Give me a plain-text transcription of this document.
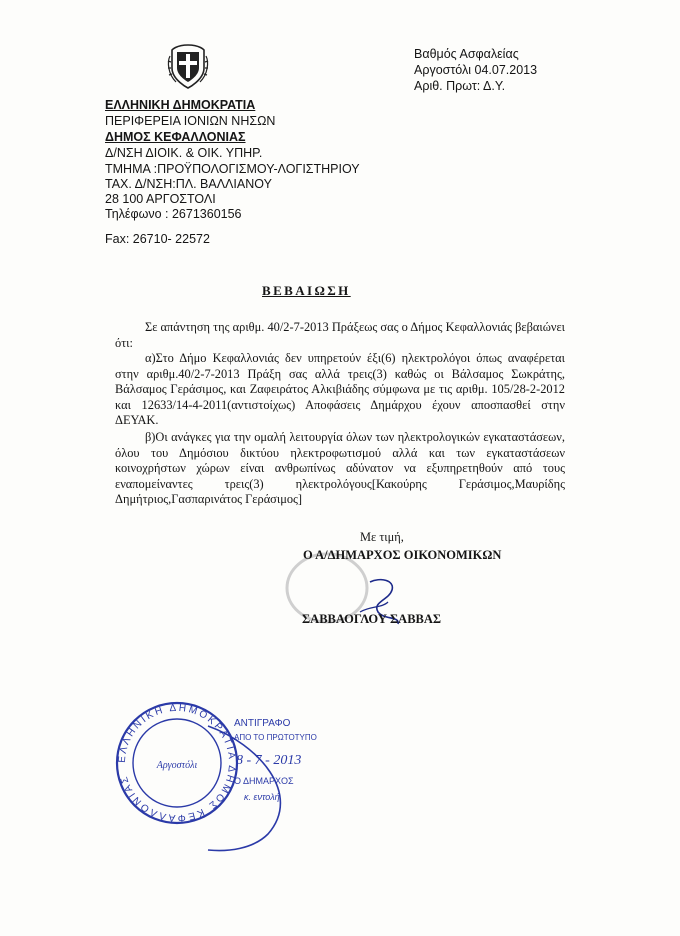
Βαθμός Ασφαλείας
Αργοστόλι 04.07.2013
Αριθ. Πρωτ: Δ.Υ.
ΕΛΛΗΝΙΚΗ ΔΗΜΟΚΡΑΤΙΑ
ΠΕΡΙΦΕΡΕΙΑ ΙΟΝΙΩΝ ΝΗΣΩΝ
ΔΗΜΟΣ ΚΕΦΑΛΛΟΝΙΑΣ
Δ/ΝΣΗ ΔΙΟΙΚ. & ΟΙΚ. ΥΠΗΡ.
ΤΜΗΜΑ :ΠΡΟΫΠΟΛΟΓΙΣΜΟΥ-ΛΟΓΙΣΤΗΡΙΟΥ
ΤΑΧ. Δ/ΝΣΗ:ΠΛ. ΒΑΛΛΙΑΝΟΥ
28 100 ΑΡΓΟΣΤΟΛΙ
Τηλέφωνο : 2671360156
Fax: 26710- 22572
ΒΕΒΑΙΩΣΗ

Σε απάντηση της αριθμ. 40/2-7-2013 Πράξεως σας ο Δήμος Κεφαλλονιάς βεβαιώνει ότι:

α)Στο Δήμο Κεφαλλονιάς δεν υπηρετούν έξι(6) ηλεκτρολόγοι όπως αναφέρεται στην αριθμ.40/2-7-2013 Πράξη σας αλλά τρεις(3) καθώς οι Βάλσαμος Σωκράτης, Βάλσαμος Γεράσιμος, και Ζαφειράτος Αλκιβιάδης σύμφωνα με τις αριθμ. 105/28-2-2012 και 12633/14-4-2011(αντιστοίχως) Αποφάσεις Δημάρχου έχουν αποσπασθεί στην ΔΕΥΑΚ.

β)Οι ανάγκες για την ομαλή λειτουργία όλων των ηλεκτρολογικών εγκαταστάσεων, όλου του Δημόσιου δικτύου ηλεκτροφωτισμού αλλά και των εγκαταστάσεων κοινοχρήστων χώρων είναι ανθρωπίνως αδύνατον να εξυπηρετηθούν από τους εναπομείναντες τρεις(3) ηλεκτρολόγους[Κακούρης Γεράσιμος,Μαυρίδης Δημήτριος,Γασπαρινάτος Γεράσιμος]

Με τιμή,
Ο Α/ΔΗΜΑΡΧΟΣ ΟΙΚΟΝΟΜΙΚΩΝ
ΣΑΒΒΑΟΓΛΟΥ ΣΑΒΒΑΣ
ΕΛΛΗΝΙΚΗ ΔΗΜΟΚΡΑΤΙΑ ΔΗΜΟΣ ΚΕΦΑΛΛΟΝΙΑΣ
Αργοστόλι
ΑΝΤΙΓΡΑΦΟ
ΑΠΟ ΤΟ ΠΡΩΤΟΤΥΠΟ
8 - 7 - 2013
Ο ΔΗΜΑΡΧΟΣ
κ. εντολή
